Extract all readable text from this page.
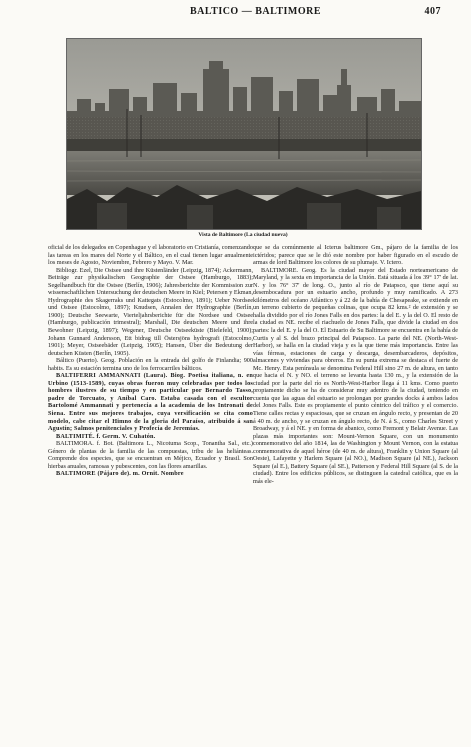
BALTICO — BALTIMORE	407
Vista de Baltimore (La ciudad nueva)

oficial de los delegados en Copenhague y el laboratorio en Cristianía, comenzando las tareas en los mares del Norte y el Báltico, en el cual tienen lugar anualmente los meses de Agosto, Noviembre, Febrero y Mayo. V. Mar.

Bibliogr. Ezel, Die Ostsee und ihre Küstenländer (Leipzig, 1874); Ackermann, Beiträge zur physikalischen Geographie der Ostsee (Hamburgo, 1883); Segelhandbuch für die Ostsee (Berlín, 1906); Jahresberichte der Kommission zur wissenschaftlichen Untersuchung der deutschen Meere in Kiel; Petersen y Ekman, Hydrographie des Skagerraks und Kattegats (Estocolmo, 1891); Ueber Nordsee und Ostsee (Estocolmo, 1897); Knudsen, Annalen der Hydrographie (Berlín, 1900); Deutsche Seewarte, Vierteljahrsberichte für die Nordsee und Ostsee (Hamburgo, publicación trimestral); Marshall, Die deutschen Meere und ihre Bewohner (Leipzig, 1897); Wegener, Deutsche Ostseeküste (Bielefeld, 1900); Johann Gunnard Andersson, Ett bidrag till Östersjöns hydrografi (Estocolmo, 1901); Meyer, Ostseebäder (Leipzig, 1905); Hansen, Über die Bedeutung der deutschen Küsten (Berlín, 1905).

Báltico (Puerto). Geog. Población en la entrada del golfo de Finlandia; 900 habits. Es su estación termina uno de los ferrocarriles bálticos.

BALTIFERRI AMMANNATI (Laura). Biog. Poetisa italiana, n. en Urbino (1513-1589), cuyas obras fueron muy celebradas por todos los hombres ilustres de su tiempo y en particular por Bernardo Tasso, padre de Torcuato, y Aníbal Caro. Estaba casada con el escultor Bartolomé Ammannati y pertenecía a la academia de los Intronati de Siena. Entre sus mejores trabajos, cuya versificación se cita como modelo, cabe citar el Himno de la gloria del Paraíso, atribuido á san Agustín; Salmos penitenciales y Profecía de Jeremías.

BALTIMITÉ. f. Germ. V. Cuhatón.

BALTIMORA. f. Bot. (Baltimora L., Nicotuma Scop., Tonantha Sal., etc.) Género de plantas de la familia de las compuestas, tribu de las heliánteas. Comprende dos especies, que se encuentran en Méjico, Ecuador y Brasil. Son hierbas anuales, ramosas y pubescentes, con las flores amarillas.

BALTIMORE (Pájaro de). m. Ornit. Nombre

que se da comúnmente al Icterus baltimore Gm., pájaro de la familia de los ictéridos; parece que se le dió este nombre por haber figurado en el escudo de armas de lord Baltimore los colores de su plumaje. V. Ictero.

BALTIMORE. Geog. Es la ciudad mayor del Estado norteamericano de Maryland, y la sexta en importancia de la Unión. Está situada á los 39° 17' de lat. N. y los 76° 37' de long. O., junto al río de Patapsco, que tiene aquí su desembocadura por un estuario ancho, profundo y muy ramificado. A 273 kilómetros del océano Atlántico y á 22 de la bahía de Chesapeake, se extiende en un terreno cubierto de pequeñas colinas, que ocupa 82 kms.² de extensión y se halla dividido por el río Jones Falls en dos partes: la del E. y la del O. El resto de la ciudad es NE. recibe el riachuelo de Jones Falls, que divide la ciudad en dos partes: la del E. y la del O. El Estuario de Su Baltimore se encuentra en la bahía de Curtis y al S. del brazo principal del Patapsco. La parte del NE. (North-West-Harbor), se halla en la ciudad vieja y es la que tiene más importancia. Entre las vías férreas, estaciones de carga y descarga, desembarcaderos, depósitos, almacenes y viviendas para obreros. En su punta extrema se destaca el fuerte de Mc. Henry. Esta península se denomina Federal Hill sino 27 m. de altura, en tanto que hacia el N. y NO. el terreno se levanta hasta 130 m., y la extensión de la ciudad por la parte del río es North-West-Harbor llega á 11 kms. Como puerto propiamente dicho se ha de considerar muy adentro de la ciudad, teniendo en cuenta que las aguas del estuario se prolongan por grandes docks á ambos lados del Jones Falls. Este es propiamente el punto céntrico del tráfico y el comercio. Tiene calles rectas y espaciosas, que se cruzan en ángulo recto, y presentan de 20 á 40 m. de ancho, y se cruzan en ángulo recto, de N. á S., como Charles Street y Broadway, y á el NE. y en forma de abanico, como Fremont y Belair Avenue. Las plazas más importantes son: Mount-Vernon Square, con un monumento conmemorativo del año 1814, las de Washington y Mount Vernon, con la estatua conmemorativa de aquel héroe (de 40 m. de altura), Franklin y Union Square (al Oeste), Lafayette y Harlem Square (al NO.), Madison Square (al NE.), Jackson Square (al E.), Battery Square (al SE.), Patterson y Federal Hill Square (al S. de la ciudad). Entre los edificios públicos, se distinguen la catedral católica, que es la más ele-
